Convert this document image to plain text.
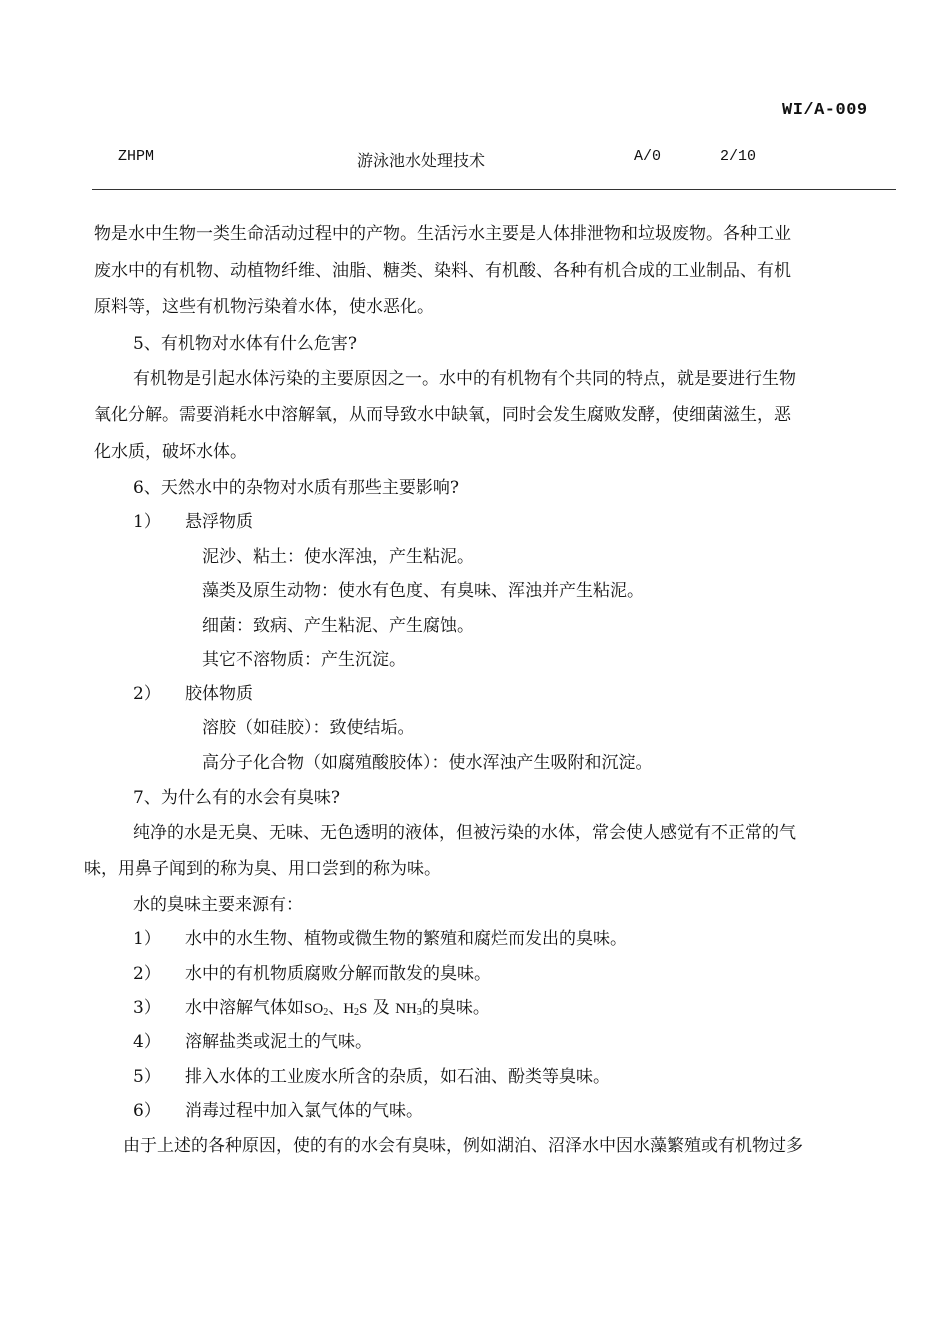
WI/A-009
ZHPM	游泳池水处理技术	A/0	2/10
物是水中生物一类生命活动过程中的产物。生活污水主要是人体排泄物和垃圾废物。各种工业
废水中的有机物、动植物纤维、油脂、糖类、染料、有机酸、各种有机合成的工业制品、有机
原料等，这些有机物污染着水体，使水恶化。
5、有机物对水体有什么危害?
有机物是引起水体污染的主要原因之一。水中的有机物有个共同的特点，就是要进行生物
氧化分解。需要消耗水中溶解氧，从而导致水中缺氧，同时会发生腐败发酵，使细菌滋生，恶
化水质，破坏水体。
6、天然水中的杂物对水质有那些主要影响?
1） 悬浮物质
泥沙、粘土：使水浑浊，产生粘泥。
藻类及原生动物：使水有色度、有臭味、浑浊并产生粘泥。
细菌：致病、产生粘泥、产生腐蚀。
其它不溶物质：产生沉淀。
2） 胶体物质
溶胶（如硅胶）：致使结垢。
高分子化合物（如腐殖酸胶体）：使水浑浊产生吸附和沉淀。
7、为什么有的水会有臭味?
纯净的水是无臭、无味、无色透明的液体，但被污染的水体，常会使人感觉有不正常的气
味，用鼻子闻到的称为臭、用口尝到的称为味。
水的臭味主要来源有：
1） 水中的水生物、植物或微生物的繁殖和腐烂而发出的臭味。
2） 水中的有机物质腐败分解而散发的臭味。
3） 水中溶解气体如$SO_2$、$H_2S$ 及 $NH_3$的臭味。
4） 溶解盐类或泥土的气味。
5） 排入水体的工业废水所含的杂质，如石油、酚类等臭味。
6） 消毒过程中加入氯气体的气味。
由于上述的各种原因，使的有的水会有臭味，例如湖泊、沼泽水中因水藻繁殖或有机物过多
